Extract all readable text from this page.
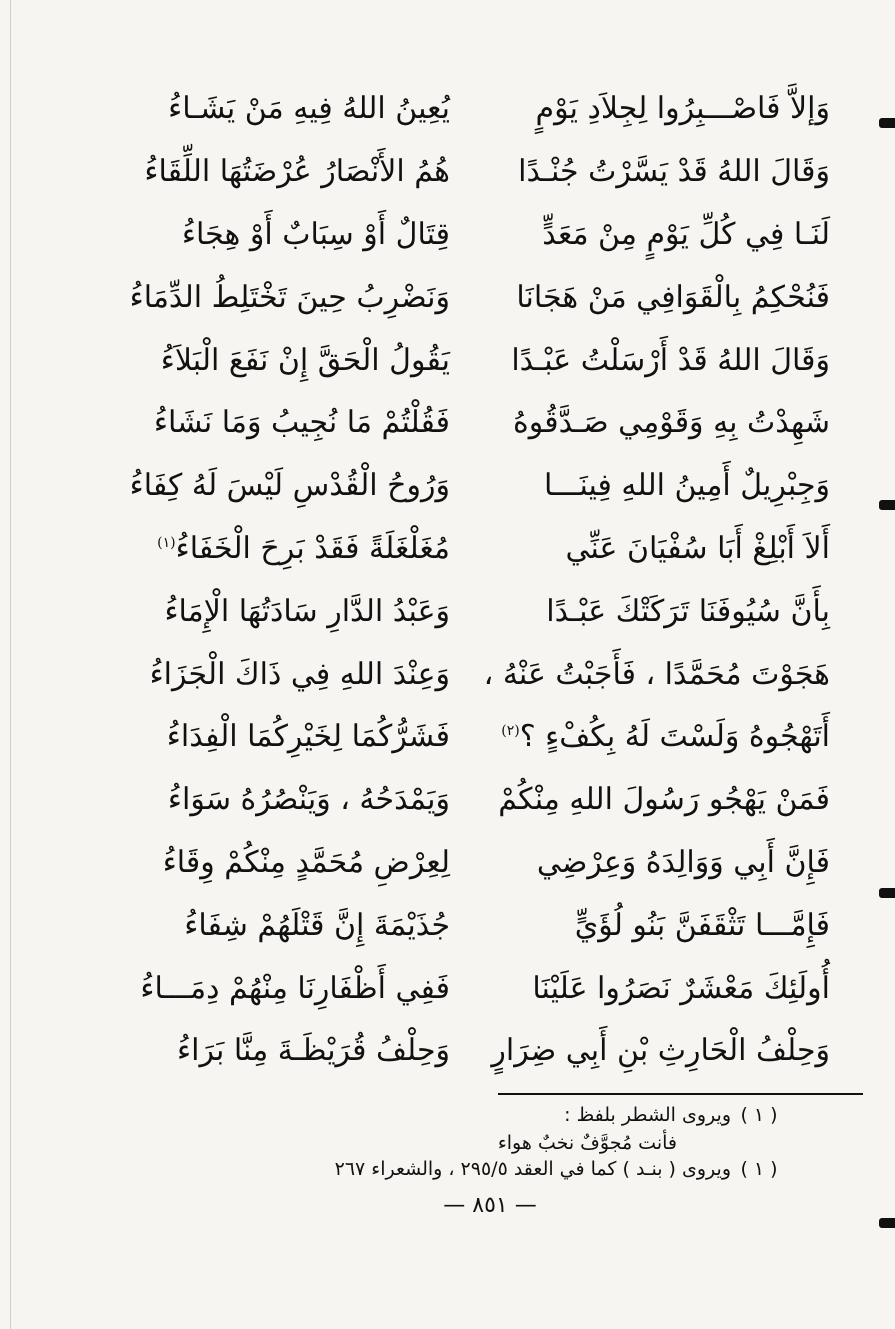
وَإلاَّ فَاصْـــبِرُوا لِجِلاَدِ يَوْمٍ
يُعِينُ اللهُ فِيهِ مَنْ يَشَـاءُ
وَقَالَ اللهُ قَدْ يَسَّرْتُ جُنْـدًا
هُمُ الأَنْصَارُ عُرْضَتُهَا اللِّقَاءُ
لَنَـا فِي كُلِّ يَوْمٍ مِنْ مَعَدٍّ
قِتَالٌ أَوْ سِبَابٌ أَوْ هِجَاءُ
فَنُحْكِمُ بِالْقَوَافِي مَنْ هَجَانَا
وَنَضْرِبُ حِينَ تَخْتَلِطُ الدِّمَاءُ
وَقَالَ اللهُ قَدْ أَرْسَلْتُ عَبْـدًا
يَقُولُ الْحَقَّ إِنْ نَفَعَ الْبَلاَءُ
شَهِدْتُ بِهِ وَقَوْمِي صَـدَّقُوهُ
فَقُلْتُمْ مَا نُجِيبُ وَمَا نَشَاءُ
وَجِبْرِيلٌ أَمِينُ اللهِ فِينَـــا
وَرُوحُ الْقُدْسِ لَيْسَ لَهُ كِفَاءُ
أَلاَ أَبْلِغْ أَبَا سُفْيَانَ عَنِّي
مُغَلْغَلَةً فَقَدْ بَرِحَ الْخَفَاءُ$^{(١)}$
بِأَنَّ سُيُوفَنَا تَرَكَتْكَ عَبْـدًا
وَعَبْدُ الدَّارِ سَادَتُهَا الْإِمَاءُ
هَجَوْتَ مُحَمَّدًا ، فَأَجَبْتُ عَنْهُ ،
وَعِنْدَ اللهِ فِي ذَاكَ الْجَزَاءُ
أَتَهْجُوهُ وَلَسْتَ لَهُ بِكُفْءٍ ؟$^{(٢)}$
فَشَرُّكُمَا لِخَيْرِكُمَا الْفِدَاءُ
فَمَنْ يَهْجُو رَسُولَ اللهِ مِنْكُمْ
وَيَمْدَحُهُ ، وَيَنْصُرُهُ سَوَاءُ
فَإِنَّ أَبِي وَوَالِدَهُ وَعِرْضِي
لِعِرْضِ مُحَمَّدٍ مِنْكُمْ وِقَاءُ
فَإِمَّـــا تَثْقَفَنَّ بَنُو لُؤَيٍّ
جُذَيْمَةَ إِنَّ قَتْلَهُمْ شِفَاءُ
أُولَئِكَ مَعْشَرٌ نَصَرُوا عَلَيْنَا
فَفِي أَظْفَارِنَا مِنْهُمْ دِمَـــاءُ
وَحِلْفُ الْحَارِثِ بْنِ أَبِي ضِرَارٍ
وَحِلْفُ قُرَيْظَـةَ مِنَّا بَرَاءُ
( ١ )
ويروى الشطر بلفظ :
فأنت مُجوَّفٌ نخبٌ هواء
( ١ )
ويروى ( بنـد ) كما في العقد ٢٩٥/٥ ، والشعراء ٢٦٧
— ٨٥١ —
